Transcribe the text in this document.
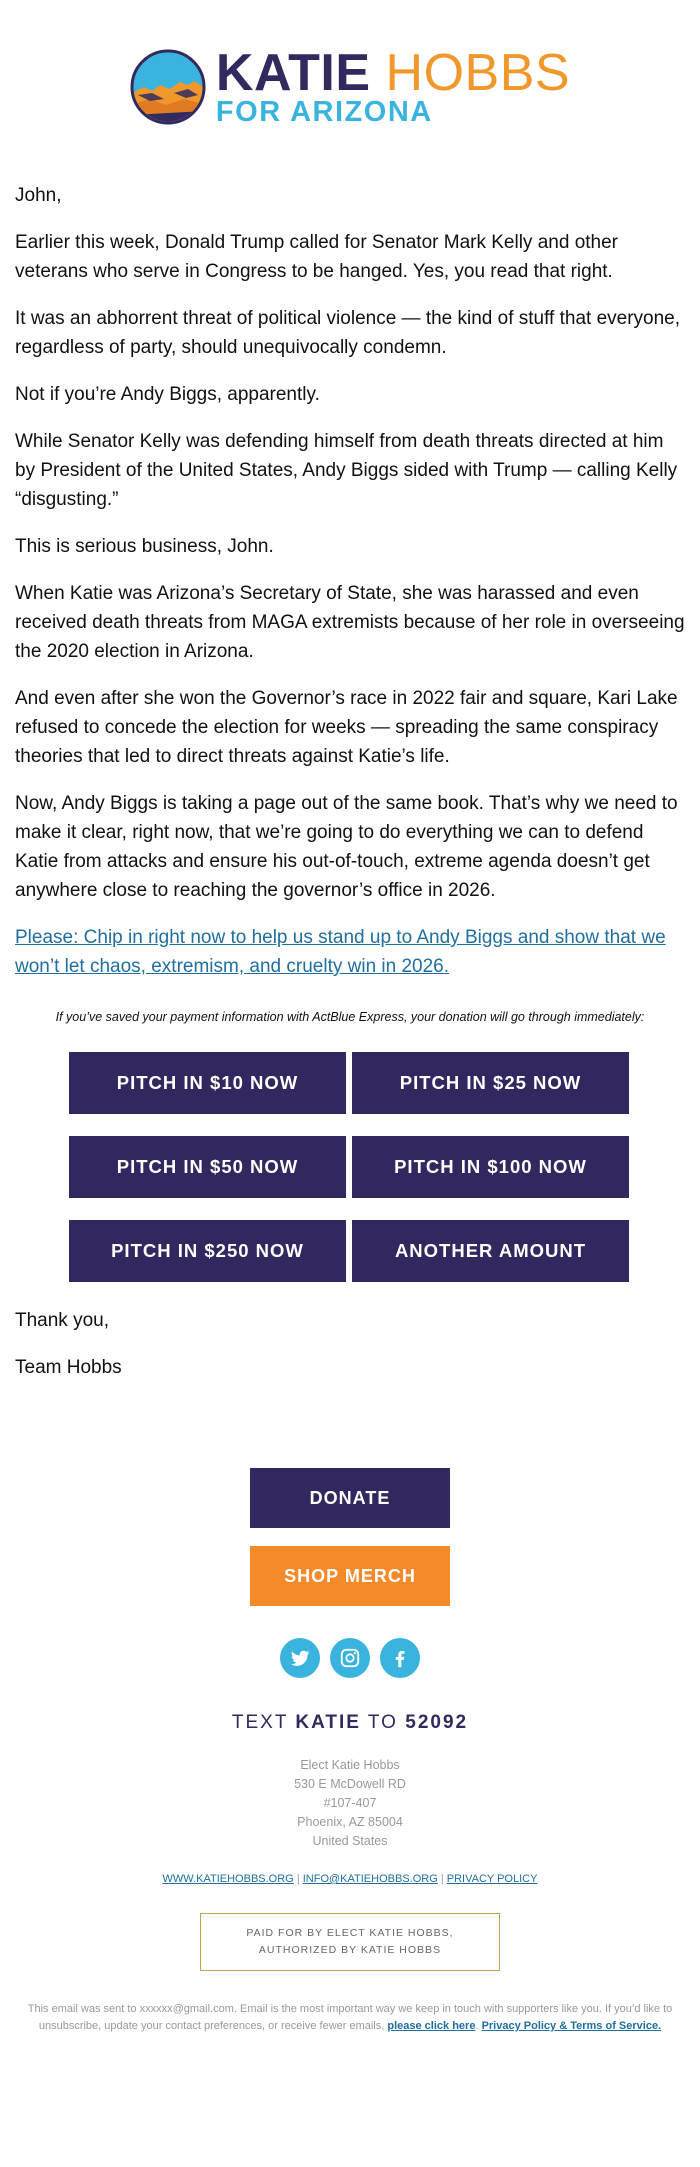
KATIE HOBBS
FOR ARIZONA

John,

Earlier this week, Donald Trump called for Senator Mark Kelly and other veterans who serve in Congress to be hanged. Yes, you read that right.

It was an abhorrent threat of political violence — the kind of stuff that everyone, regardless of party, should unequivocally condemn.

Not if you’re Andy Biggs, apparently.

While Senator Kelly was defending himself from death threats directed at him by President of the United States, Andy Biggs sided with Trump — calling Kelly “disgusting.”

This is serious business, John.

When Katie was Arizona’s Secretary of State, she was harassed and even received death threats from MAGA extremists because of her role in overseeing the 2020 election in Arizona.

And even after she won the Governor’s race in 2022 fair and square, Kari Lake refused to concede the election for weeks — spreading the same conspiracy theories that led to direct threats against Katie’s life.

Now, Andy Biggs is taking a page out of the same book. That’s why we need to make it clear, right now, that we’re going to do everything we can to defend Katie from attacks and ensure his out-of-touch, extreme agenda doesn’t get anywhere close to reaching the governor’s office in 2026.

Please: Chip in right now to help us stand up to Andy Biggs and show that we won’t let chaos, extremism, and cruelty win in 2026.

If you’ve saved your payment information with ActBlue Express, your donation will go through immediately:
PITCH IN $10 NOW	PITCH IN $25 NOW
PITCH IN $50 NOW	PITCH IN $100 NOW
PITCH IN $250 NOW	ANOTHER AMOUNT

Thank you,

Team Hobbs

DONATE
SHOP MERCH
TEXT KATIE TO 52092
Elect Katie Hobbs
530 E McDowell RD
#107-407
Phoenix, AZ 85004
United States
WWW.KATIEHOBBS.ORG | INFO@KATIEHOBBS.ORG | PRIVACY POLICY
PAID FOR BY ELECT KATIE HOBBS,
AUTHORIZED BY KATIE HOBBS
This email was sent to xxxxxx@gmail.com. Email is the most important way we keep in touch with supporters like you. If you’d like to unsubscribe, update your contact preferences, or receive fewer emails, please click here. Privacy Policy & Terms of Service.
